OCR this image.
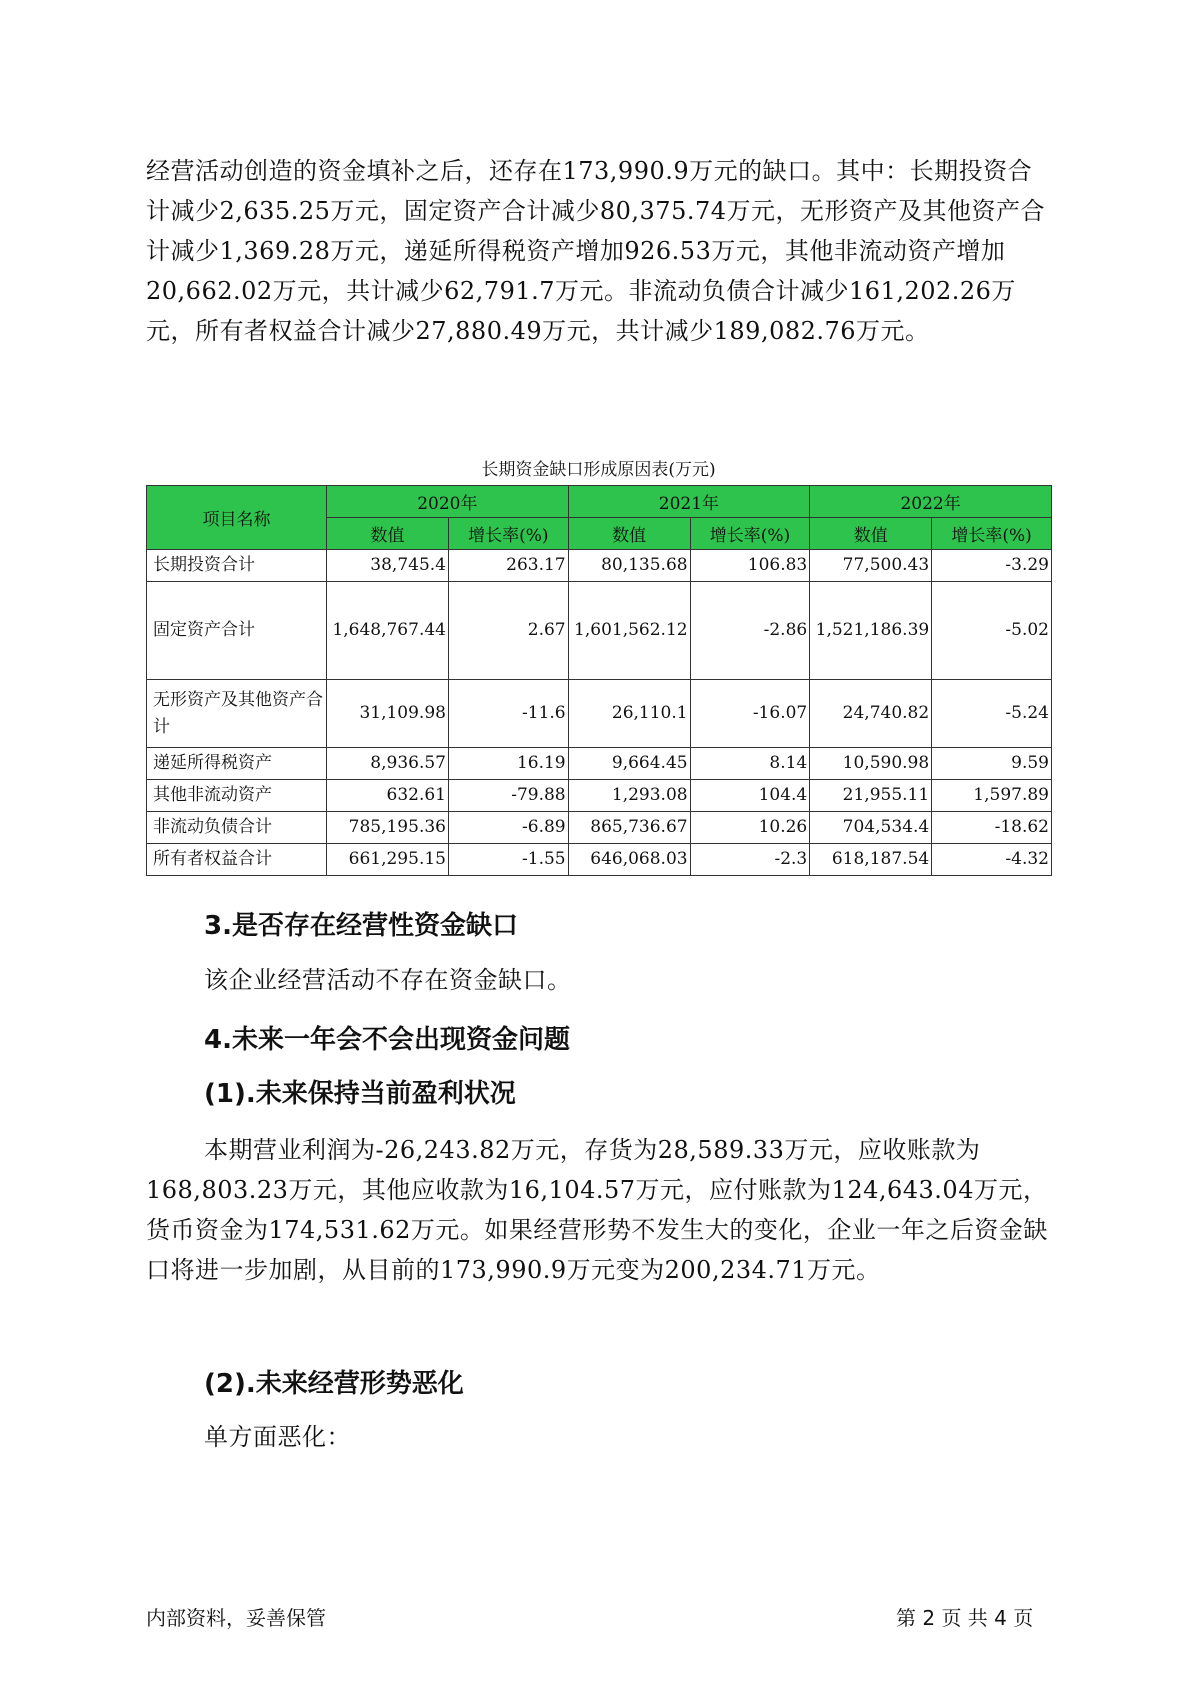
经营活动创造的资金填补之后，还存在173,990.9万元的缺口。其中：长期投资合计减少2,635.25万元，固定资产合计减少80,375.74万元，无形资产及其他资产合计减少1,369.28万元，递延所得税资产增加926.53万元，其他非流动资产增加20,662.02万元，共计减少62,791.7万元。非流动负债合计减少161,202.26万元，所有者权益合计减少27,880.49万元，共计减少189,082.76万元。

长期资金缺口形成原因表(万元)

项目名称	2020年		2021年		2022年	
	数值	增长率(%)	数值	增长率(%)	数值	增长率(%)
长期投资合计	38,745.4	263.17	80,135.68	106.83	77,500.43	-3.29
固定资产合计	1,648,767.44	2.67	1,601,562.12	-2.86	1,521,186.39	-5.02
无形资产及其他资产合计	31,109.98	-11.6	26,110.1	-16.07	24,740.82	-5.24
递延所得税资产	8,936.57	16.19	9,664.45	8.14	10,590.98	9.59
其他非流动资产	632.61	-79.88	1,293.08	104.4	21,955.11	1,597.89
非流动负债合计	785,195.36	-6.89	865,736.67	10.26	704,534.4	-18.62
所有者权益合计	661,295.15	-1.55	646,068.03	-2.3	618,187.54	-4.32
3.是否存在经营性资金缺口

该企业经营活动不存在资金缺口。

4.未来一年会不会出现资金问题
(1).未来保持当前盈利状况

本期营业利润为-26,243.82万元，存货为28,589.33万元，应收账款为168,803.23万元，其他应收款为16,104.57万元，应付账款为124,643.04万元，货币资金为174,531.62万元。如果经营形势不发生大的变化，企业一年之后资金缺口将进一步加剧，从目前的173,990.9万元变为200,234.71万元。

(2).未来经营形势恶化

单方面恶化：

内部资料，妥善保管	第 2 页 共 4 页
